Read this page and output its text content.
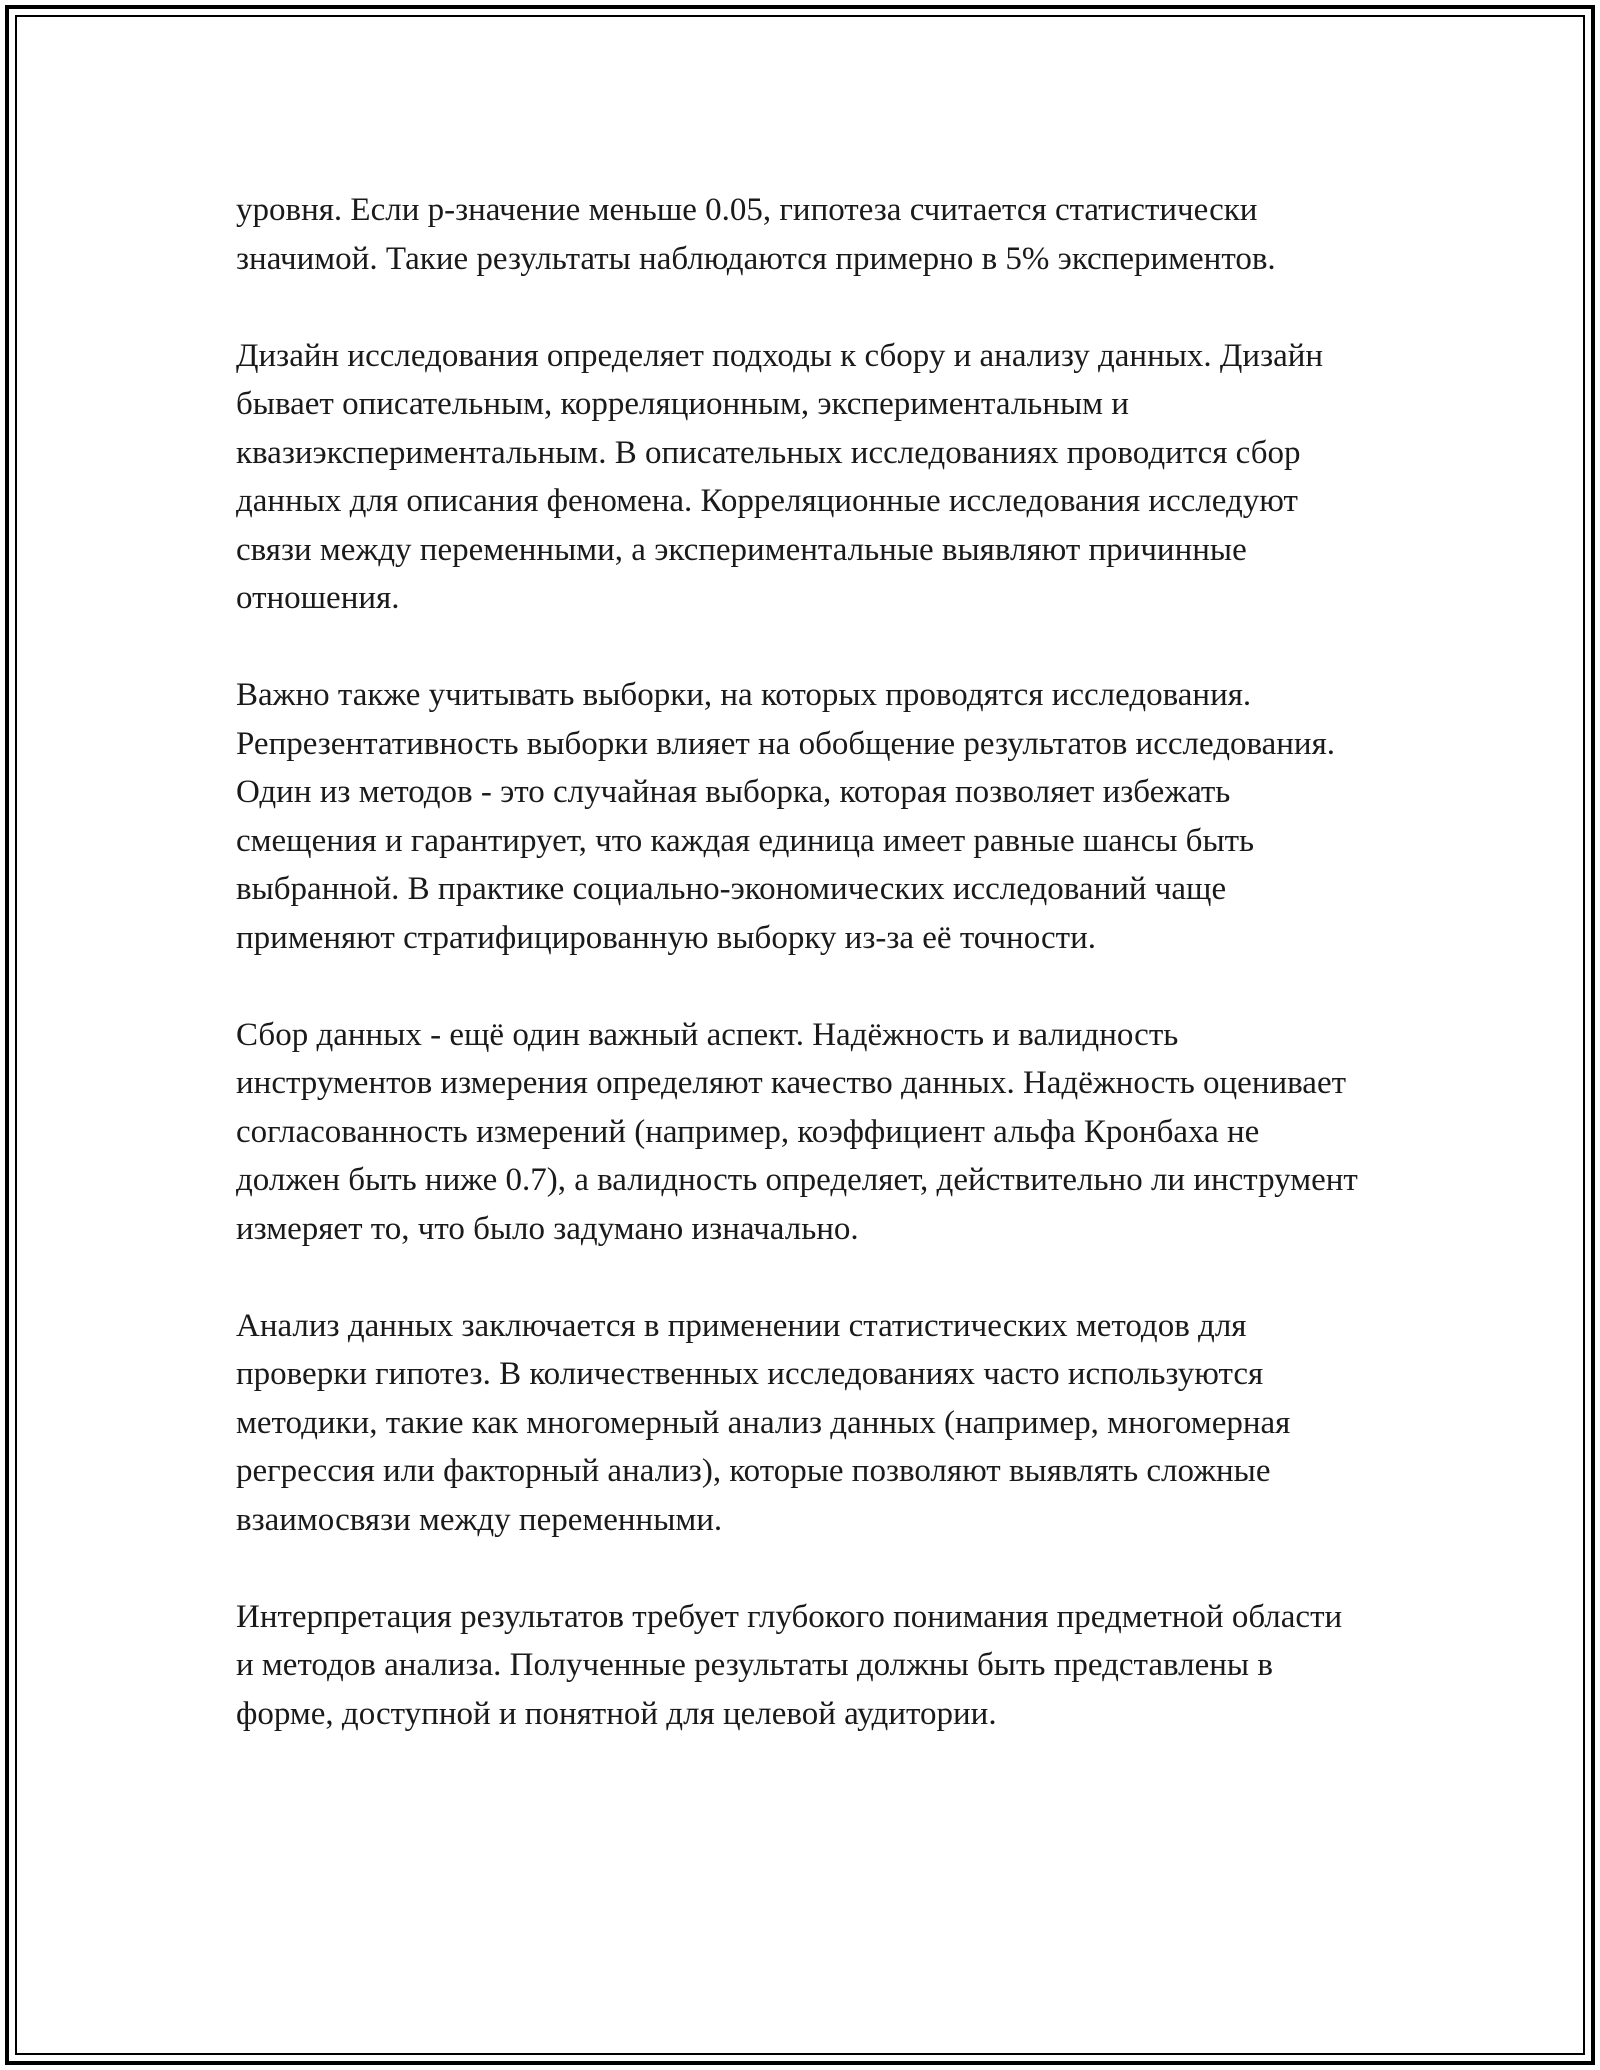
уровня. Если p-значение меньше 0.05, гипотеза считается статистически значимой. Такие результаты наблюдаются примерно в 5% экспериментов.

Дизайн исследования определяет подходы к сбору и анализу данных. Дизайн бывает описательным, корреляционным, экспериментальным и квазиэкспериментальным. В описательных исследованиях проводится сбор данных для описания феномена. Корреляционные исследования исследуют связи между переменными, а экспериментальные выявляют причинные отношения.

Важно также учитывать выборки, на которых проводятся исследования. Репрезентативность выборки влияет на обобщение результатов исследования. Один из методов - это случайная выборка, которая позволяет избежать смещения и гарантирует, что каждая единица имеет равные шансы быть выбранной. В практике социально-экономических исследований чаще применяют стратифицированную выборку из-за её точности.

Сбор данных - ещё один важный аспект. Надёжность и валидность инструментов измерения определяют качество данных. Надёжность оценивает согласованность измерений (например, коэффициент альфа Кронбаха не должен быть ниже 0.7), а валидность определяет, действительно ли инструмент измеряет то, что было задумано изначально.

Анализ данных заключается в применении статистических методов для проверки гипотез. В количественных исследованиях часто используются методики, такие как многомерный анализ данных (например, многомерная регрессия или факторный анализ), которые позволяют выявлять сложные взаимосвязи между переменными.

Интерпретация результатов требует глубокого понимания предметной области и методов анализа. Полученные результаты должны быть представлены в форме, доступной и понятной для целевой аудитории.
